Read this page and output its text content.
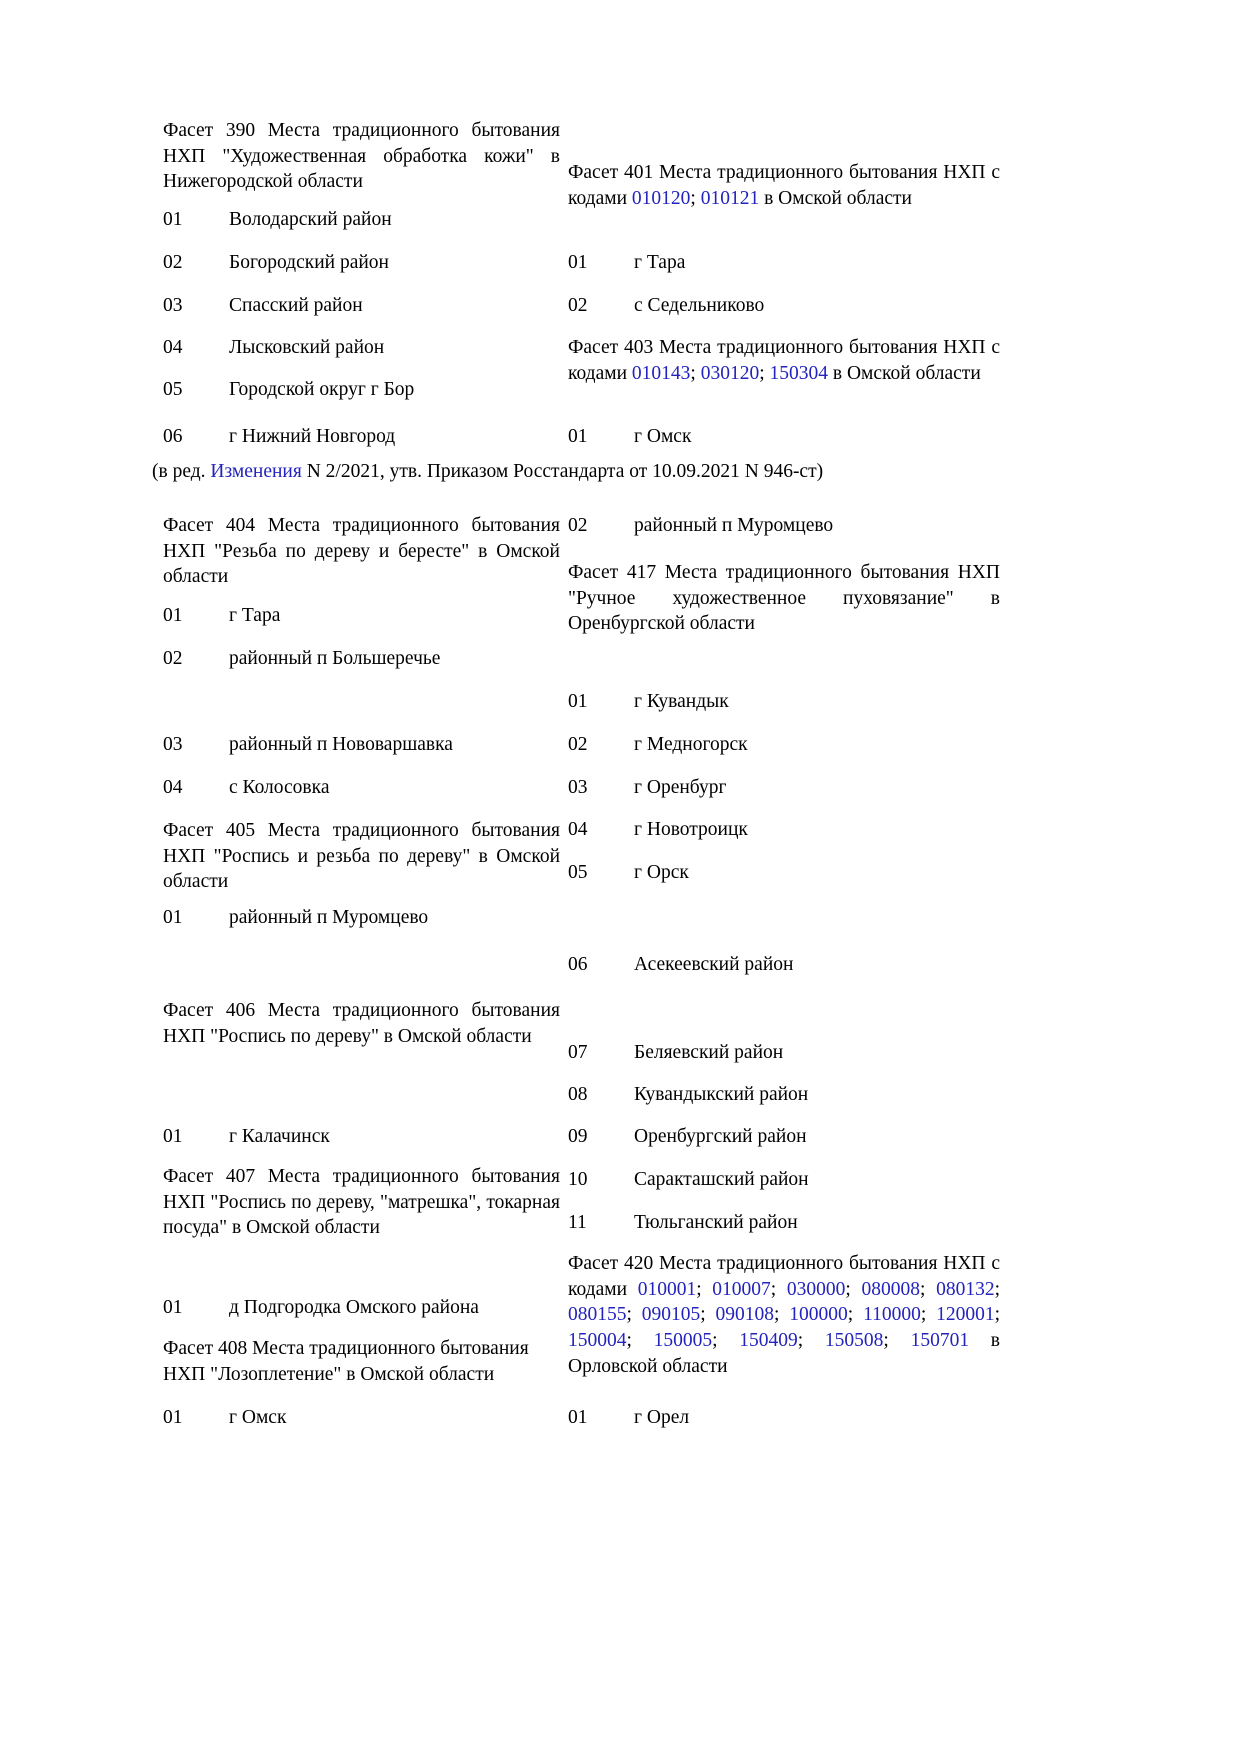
Фасет 390 Места традиционного бытования НХП "Художественная обработка кожи" в Нижегородской области

01	Володарский район
02	Богородский район
03	Спасский район
04	Лысковский район
05	Городской округ г Бор
06	г Нижний Новгород
(в ред. Изменения N 2/2021, утв. Приказом Росстандарта от 10.09.2021 N 946-ст)

Фасет 404 Места традиционного бытования НХП "Резьба по дереву и бересте" в Омской области

01	г Тара
02	районный п Большеречье
03	районный п Нововаршавка
04	с Колосовка

Фасет 405 Места традиционного бытования НХП "Роспись и резьба по дереву" в Омской области

01	районный п Муромцево

Фасет 406 Места традиционного бытования НХП "Роспись по дереву" в Омской области

01	г Калачинск

Фасет 407 Места традиционного бытования НХП "Роспись по дереву, "матрешка", токарная посуда" в Омской области

01	д Подгородка Омского района

Фасет 408 Места традиционного бытования НХП "Лозоплетение" в Омской области

01	г Омск

Фасет 401 Места традиционного бытования НХП с кодами 010120; 010121 в Омской области

01	г Тара
02	с Седельниково

Фасет 403 Места традиционного бытования НХП с кодами 010143; 030120; 150304 в Омской области

01	г Омск
02	районный п Муромцево

Фасет 417 Места традиционного бытования НХП "Ручное художественное пуховязание" в Оренбургской области

01	г Кувандык
02	г Медногорск
03	г Оренбург
04	г Новотроицк
05	г Орск
06	Асекеевский район
07	Беляевский район
08	Кувандыкский район
09	Оренбургский район
10	Саракташский район
11	Тюльганский район

Фасет 420 Места традиционного бытования НХП с кодами 010001; 010007; 030000; 080008; 080132; 080155; 090105; 090108; 100000; 110000; 120001; 150004; 150005; 150409; 150508; 150701 в Орловской области

01	г Орел
